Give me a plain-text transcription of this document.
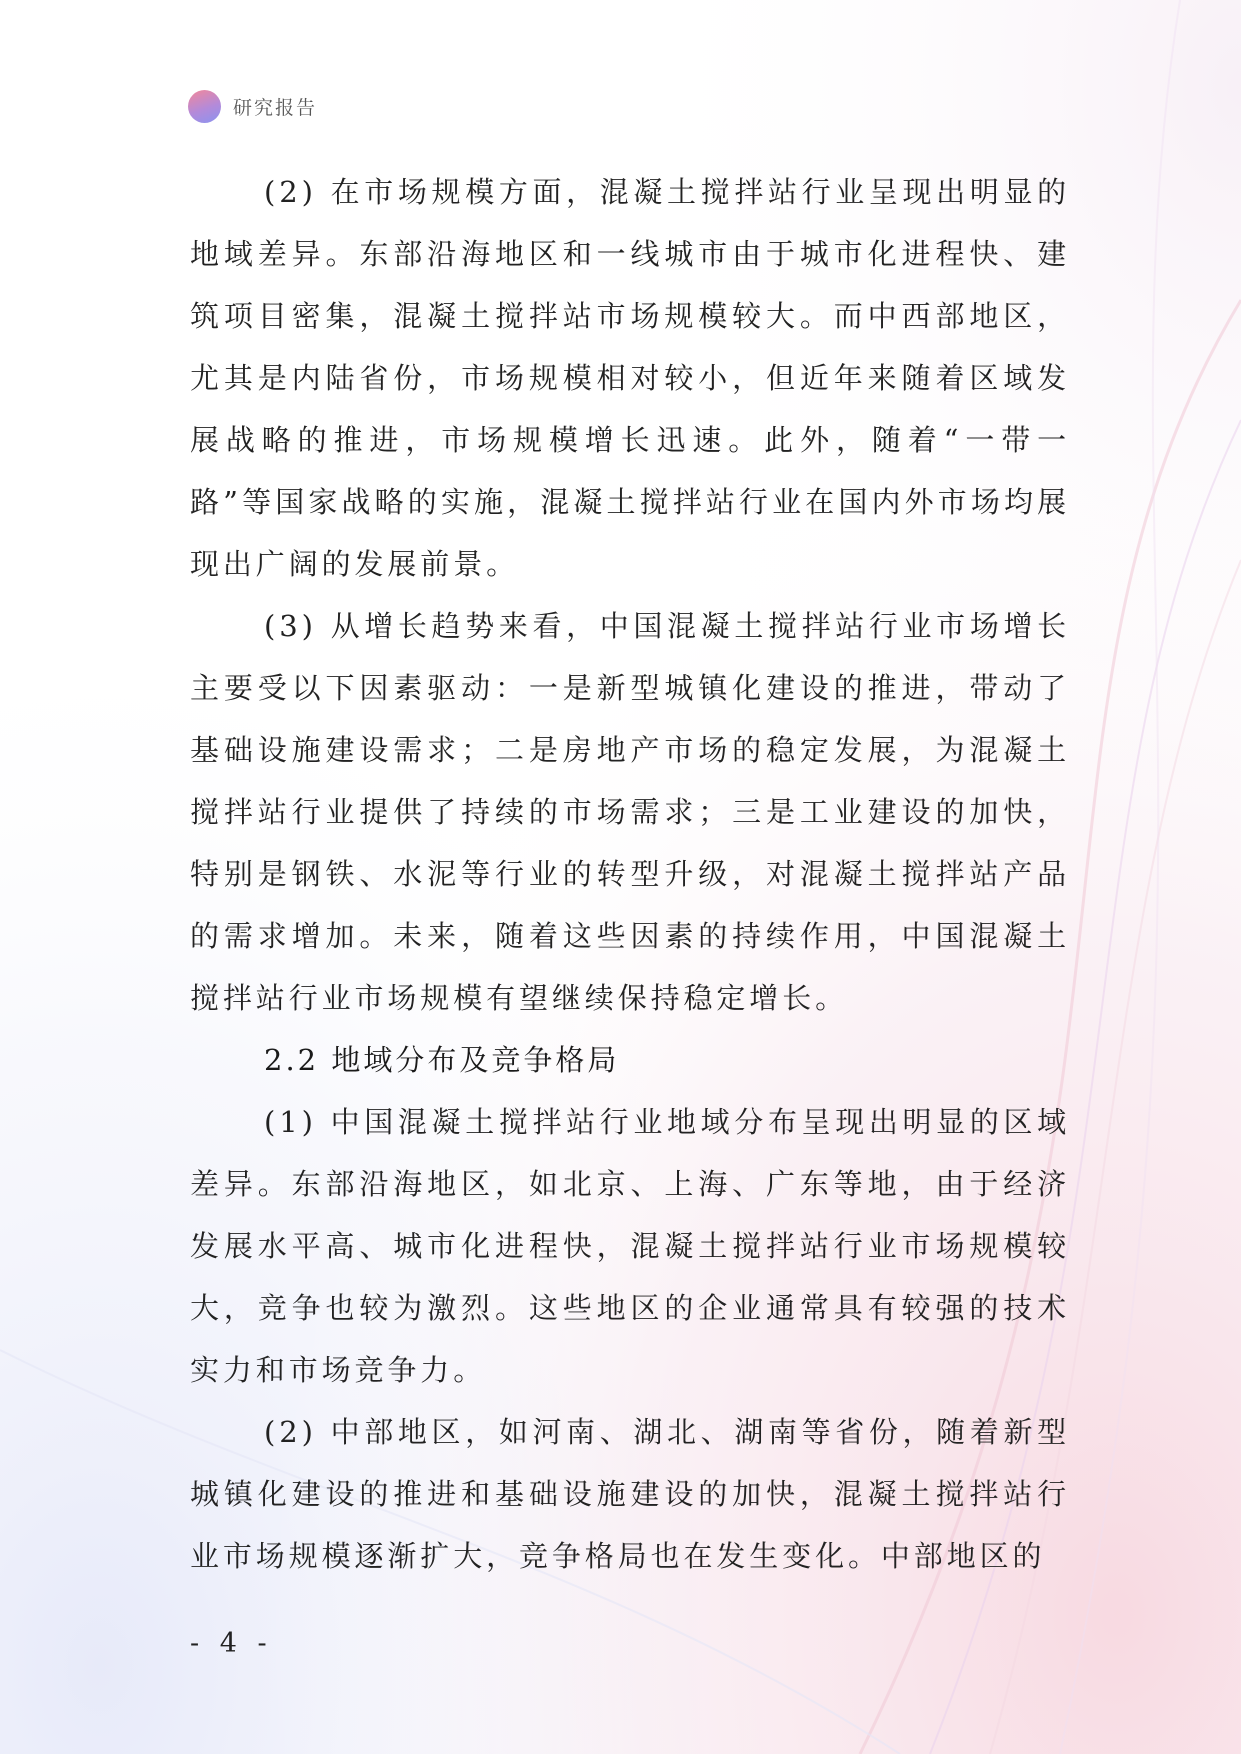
研究报告

(2) 在市场规模方面，混凝土搅拌站行业呈现出明显的地域差异。东部沿海地区和一线城市由于城市化进程快、建筑项目密集，混凝土搅拌站市场规模较大。而中西部地区，尤其是内陆省份，市场规模相对较小，但近年来随着区域发展战略的推进，市场规模增长迅速。此外，随着“一带一路”等国家战略的实施，混凝土搅拌站行业在国内外市场均展现出广阔的发展前景。

(3) 从增长趋势来看，中国混凝土搅拌站行业市场增长主要受以下因素驱动：一是新型城镇化建设的推进，带动了基础设施建设需求；二是房地产市场的稳定发展，为混凝土搅拌站行业提供了持续的市场需求；三是工业建设的加快，特别是钢铁、水泥等行业的转型升级，对混凝土搅拌站产品的需求增加。未来，随着这些因素的持续作用，中国混凝土搅拌站行业市场规模有望继续保持稳定增长。

2.2 地域分布及竞争格局

(1) 中国混凝土搅拌站行业地域分布呈现出明显的区域差异。东部沿海地区，如北京、上海、广东等地，由于经济发展水平高、城市化进程快，混凝土搅拌站行业市场规模较大，竞争也较为激烈。这些地区的企业通常具有较强的技术实力和市场竞争力。

(2) 中部地区，如河南、湖北、湖南等省份，随着新型城镇化建设的推进和基础设施建设的加快，混凝土搅拌站行业市场规模逐渐扩大，竞争格局也在发生变化。中部地区的

- 4 -
